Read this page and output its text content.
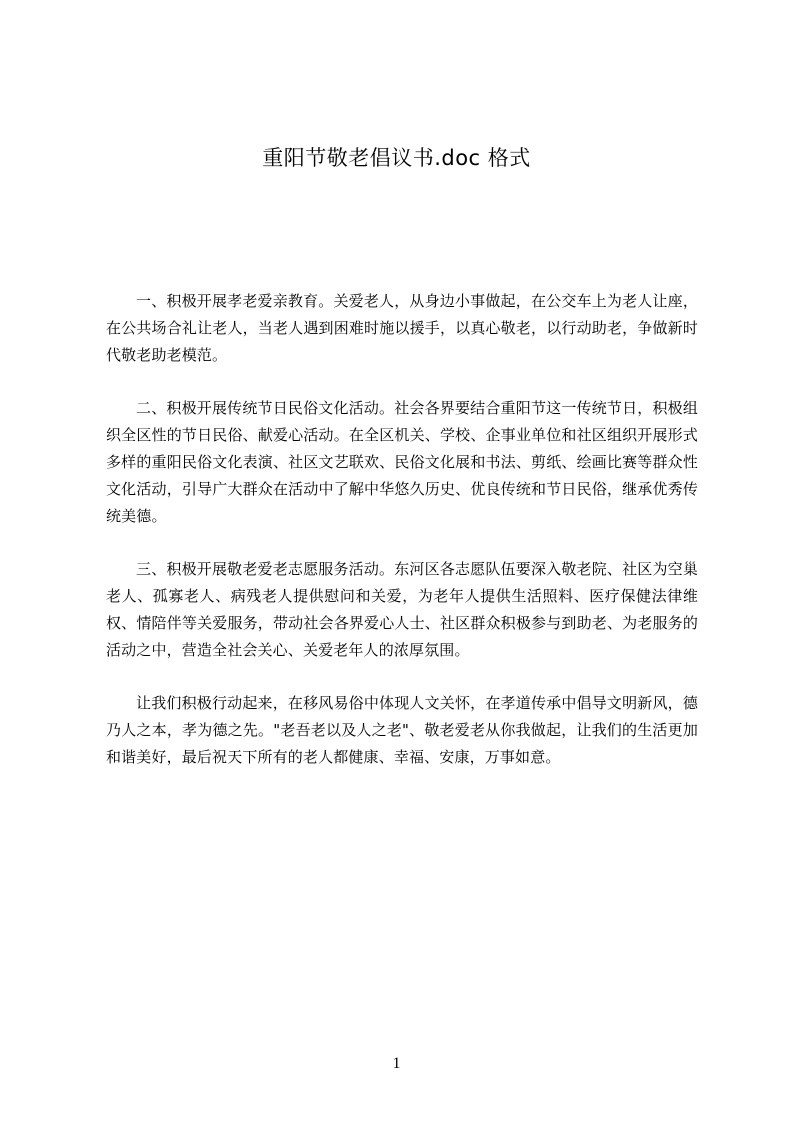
重阳节敬老倡议书.doc 格式

一、积极开展孝老爱亲教育。关爱老人，从身边小事做起，在公交车上为老人让座，在公共场合礼让老人，当老人遇到困难时施以援手，以真心敬老，以行动助老，争做新时代敬老助老模范。

二、积极开展传统节日民俗文化活动。社会各界要结合重阳节这一传统节日，积极组织全区性的节日民俗、献爱心活动。在全区机关、学校、企事业单位和社区组织开展形式多样的重阳民俗文化表演、社区文艺联欢、民俗文化展和书法、剪纸、绘画比赛等群众性文化活动，引导广大群众在活动中了解中华悠久历史、优良传统和节日民俗，继承优秀传统美德。

三、积极开展敬老爱老志愿服务活动。东河区各志愿队伍要深入敬老院、社区为空巢老人、孤寡老人、病残老人提供慰问和关爱，为老年人提供生活照料、医疗保健法律维权、情陪伴等关爱服务，带动社会各界爱心人士、社区群众积极参与到助老、为老服务的活动之中，营造全社会关心、关爱老年人的浓厚氛围。

让我们积极行动起来，在移风易俗中体现人文关怀，在孝道传承中倡导文明新风，德乃人之本，孝为德之先。"老吾老以及人之老"、敬老爱老从你我做起，让我们的生活更加和谐美好，最后祝天下所有的老人都健康、幸福、安康，万事如意。

1
